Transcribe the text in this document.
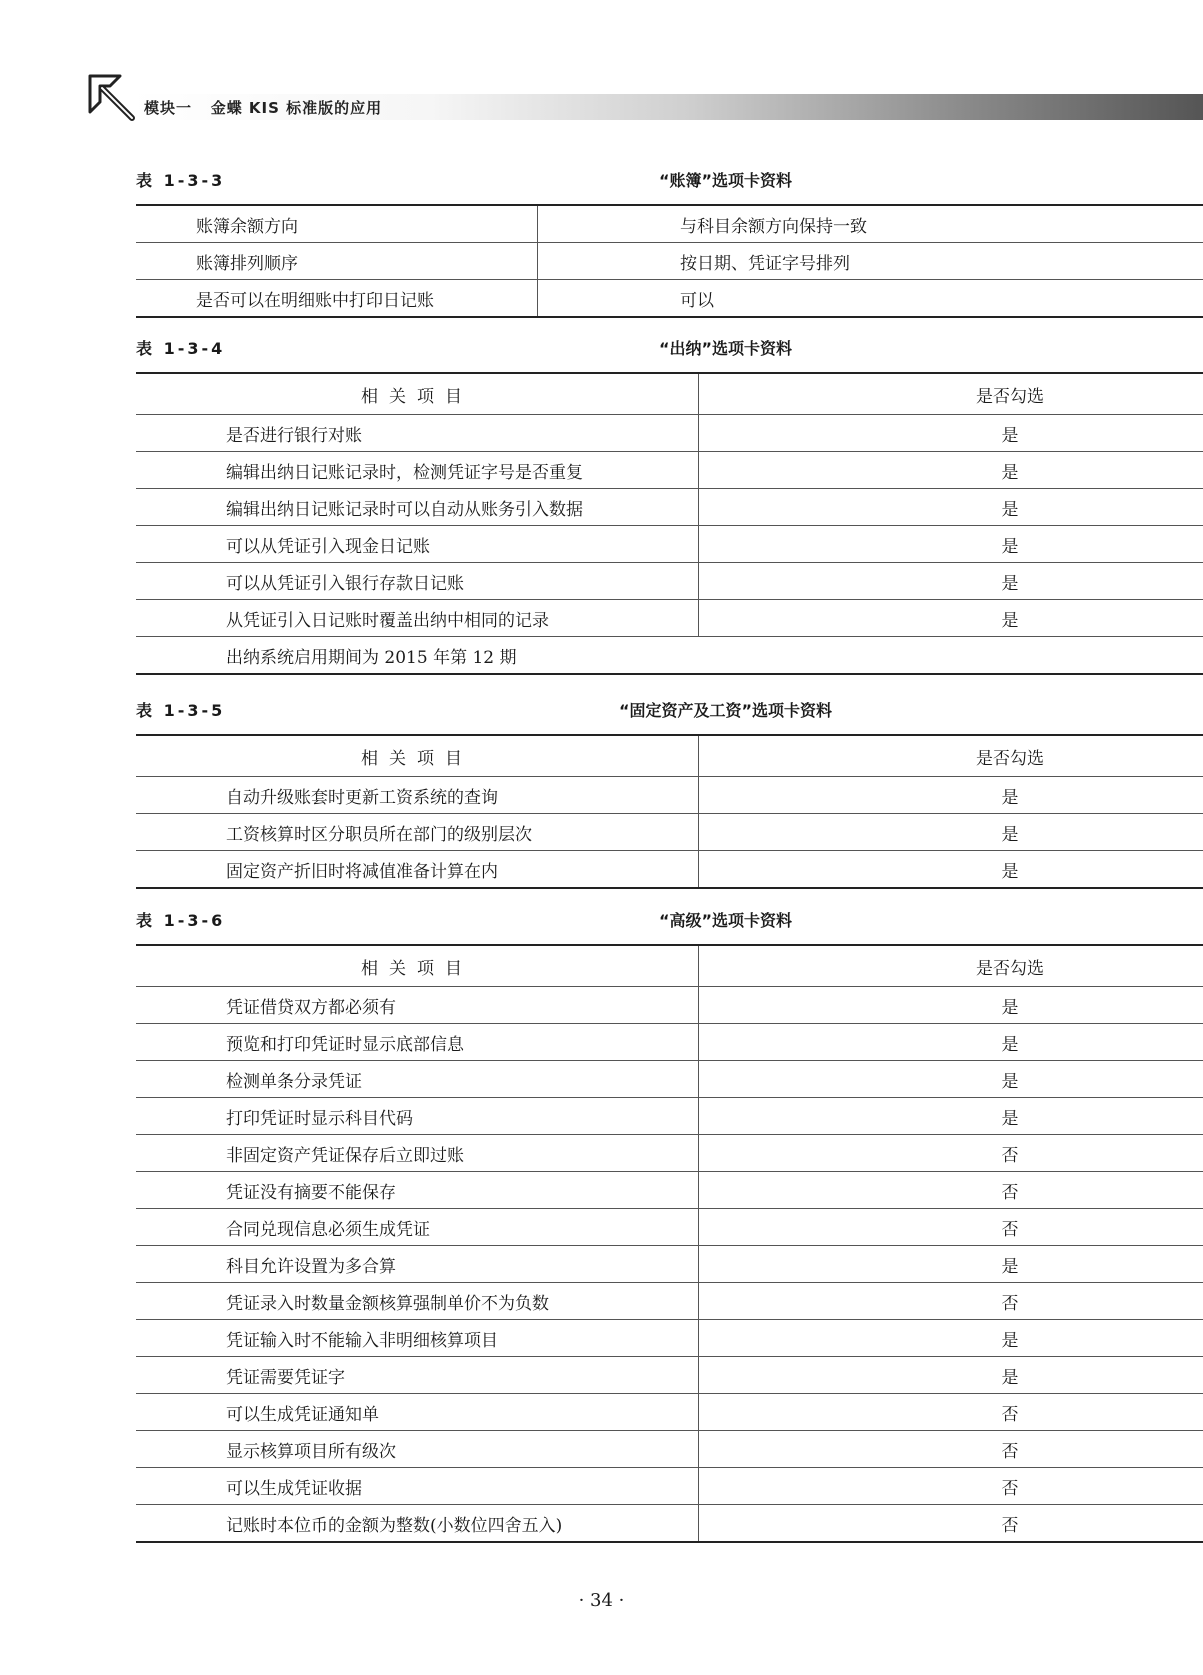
模块一 金蝶 KIS 标准版的应用
表 1-3-3	“账簿”选项卡资料
账簿余额方向	与科目余额方向保持一致
账簿排列顺序	按日期、凭证字号排列
是否可以在明细账中打印日记账	可以
表 1-3-4	“出纳”选项卡资料
相关项目	是否勾选
是否进行银行对账	是
编辑出纳日记账记录时，检测凭证字号是否重复	是
编辑出纳日记账记录时可以自动从账务引入数据	是
可以从凭证引入现金日记账	是
可以从凭证引入银行存款日记账	是
从凭证引入日记账时覆盖出纳中相同的记录	是
出纳系统启用期间为 2015 年第 12 期	
表 1-3-5	“固定资产及工资”选项卡资料
相关项目	是否勾选
自动升级账套时更新工资系统的查询	是
工资核算时区分职员所在部门的级别层次	是
固定资产折旧时将减值准备计算在内	是
表 1-3-6	“高级”选项卡资料
相关项目	是否勾选
凭证借贷双方都必须有	是
预览和打印凭证时显示底部信息	是
检测单条分录凭证	是
打印凭证时显示科目代码	是
非固定资产凭证保存后立即过账	否
凭证没有摘要不能保存	否
合同兑现信息必须生成凭证	否
科目允许设置为多合算	是
凭证录入时数量金额核算强制单价不为负数	否
凭证输入时不能输入非明细核算项目	是
凭证需要凭证字	是
可以生成凭证通知单	否
显示核算项目所有级次	否
可以生成凭证收据	否
记账时本位币的金额为整数(小数位四舍五入)	否
· 34 ·
